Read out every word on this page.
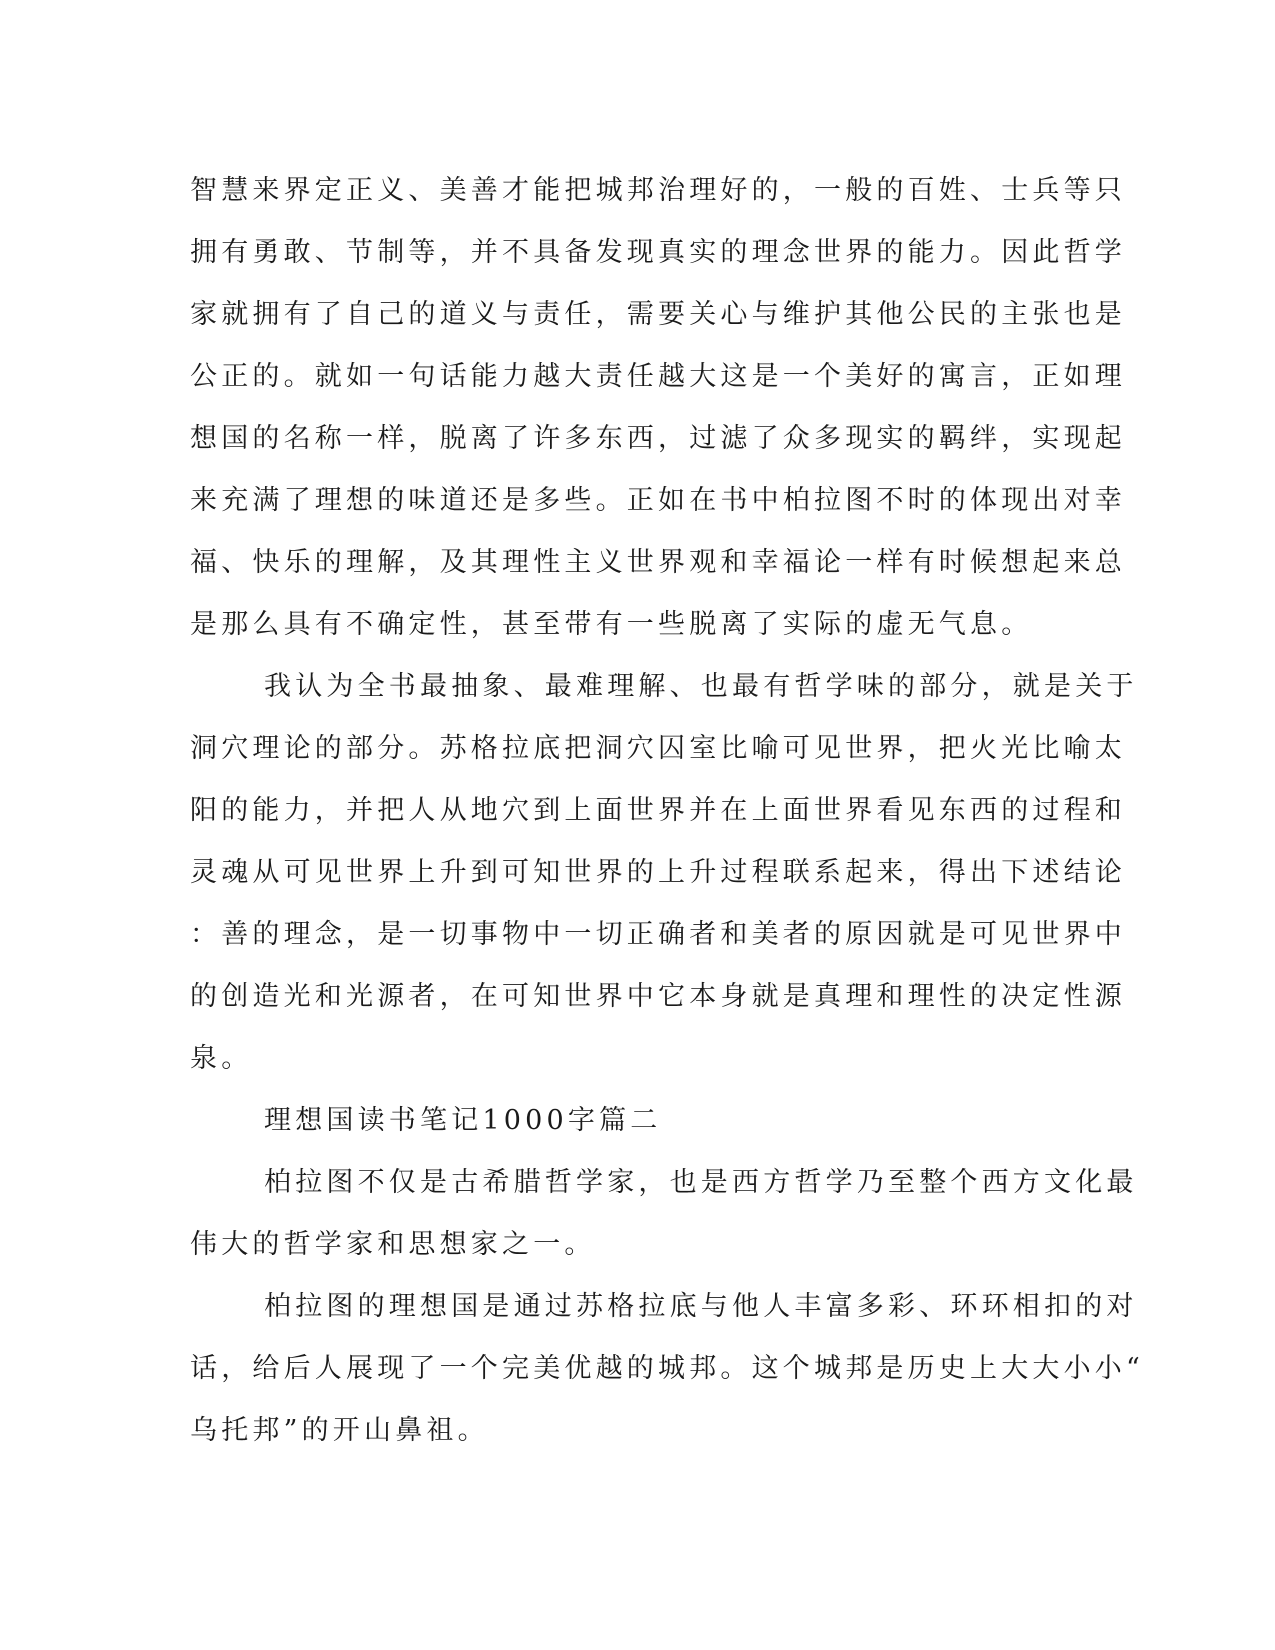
智慧来界定正义、美善才能把城邦治理好的，一般的百姓、士兵等只
拥有勇敢、节制等，并不具备发现真实的理念世界的能力。因此哲学
家就拥有了自己的道义与责任，需要关心与维护其他公民的主张也是
公正的。就如一句话能力越大责任越大这是一个美好的寓言，正如理
想国的名称一样，脱离了许多东西，过滤了众多现实的羁绊，实现起
来充满了理想的味道还是多些。正如在书中柏拉图不时的体现出对幸
福、快乐的理解，及其理性主义世界观和幸福论一样有时候想起来总
是那么具有不确定性，甚至带有一些脱离了实际的虚无气息。
我认为全书最抽象、最难理解、也最有哲学味的部分，就是关于
洞穴理论的部分。苏格拉底把洞穴囚室比喻可见世界，把火光比喻太
阳的能力，并把人从地穴到上面世界并在上面世界看见东西的过程和
灵魂从可见世界上升到可知世界的上升过程联系起来，得出下述结论
：善的理念，是一切事物中一切正确者和美者的原因就是可见世界中
的创造光和光源者，在可知世界中它本身就是真理和理性的决定性源
泉。
理想国读书笔记1000字篇二
柏拉图不仅是古希腊哲学家，也是西方哲学乃至整个西方文化最
伟大的哲学家和思想家之一。
柏拉图的理想国是通过苏格拉底与他人丰富多彩、环环相扣的对
话，给后人展现了一个完美优越的城邦。这个城邦是历史上大大小小“
乌托邦”的开山鼻祖。
